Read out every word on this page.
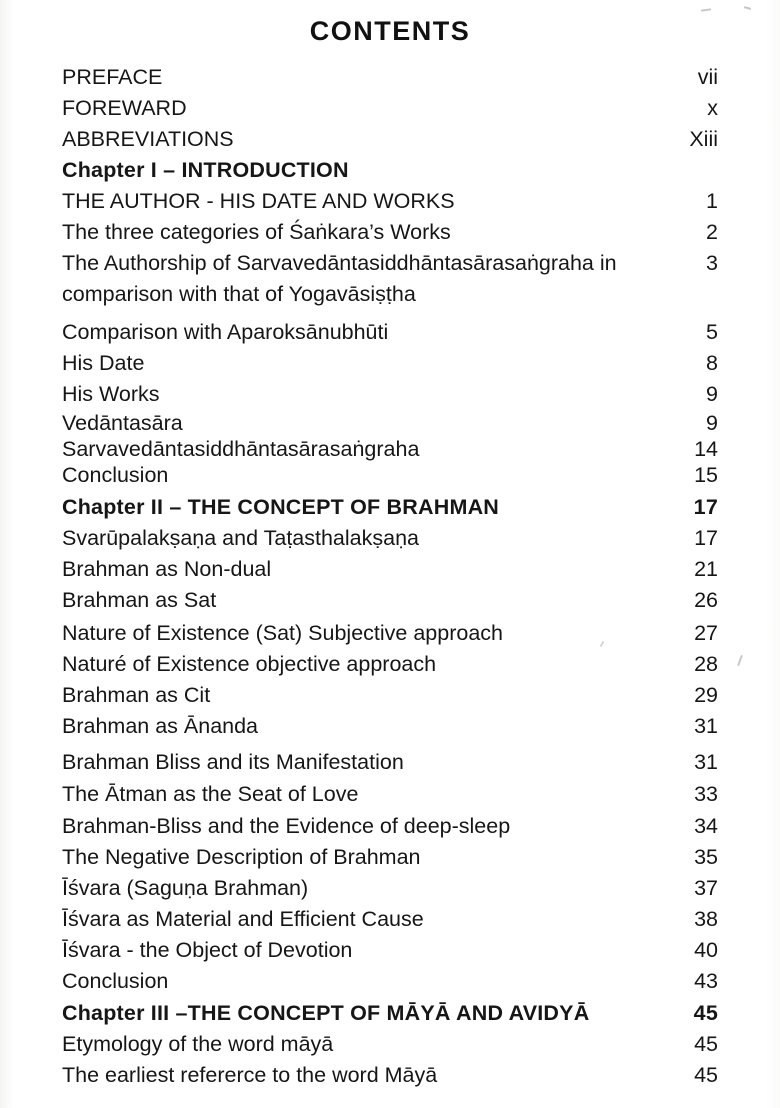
CONTENTS
PREFACE	vii
FOREWARD	x
ABBREVIATIONS	Xiii
Chapter I – INTRODUCTION
THE AUTHOR - HIS DATE AND WORKS	1
The three categories of Śaṅkara’s Works	2
The Authorship of Sarvavedāntasiddhāntasārasaṅgraha in	3
comparison with that of Yogavāsiṣṭha
Comparison with Aparoksānubhūti	5
His Date	8
His Works	9
Vedāntasāra	9
Sarvavedāntasiddhāntasārasaṅgraha	14
Conclusion	15
Chapter II – THE CONCEPT OF BRAHMAN	17
Svarūpalakṣaṇa and Taṭasthalakṣaṇa	17
Brahman as Non-dual	21
Brahman as Sat	26
Nature of Existence (Sat) Subjective approach	27
Naturé of Existence objective approach	28
Brahman as Cit	29
Brahman as Ānanda	31
Brahman Bliss and its Manifestation	31
The Ātman as the Seat of Love	33
Brahman-Bliss and the Evidence of deep-sleep	34
The Negative Description of Brahman	35
Īśvara (Saguṇa Brahman)	37
Īśvara as Material and Efficient Cause	38
Īśvara - the Object of Devotion	40
Conclusion	43
Chapter III –THE CONCEPT OF MĀYĀ AND AVIDYĀ	45
Etymology of the word māyā	45
The earliest refererce to the word Māyā	45
